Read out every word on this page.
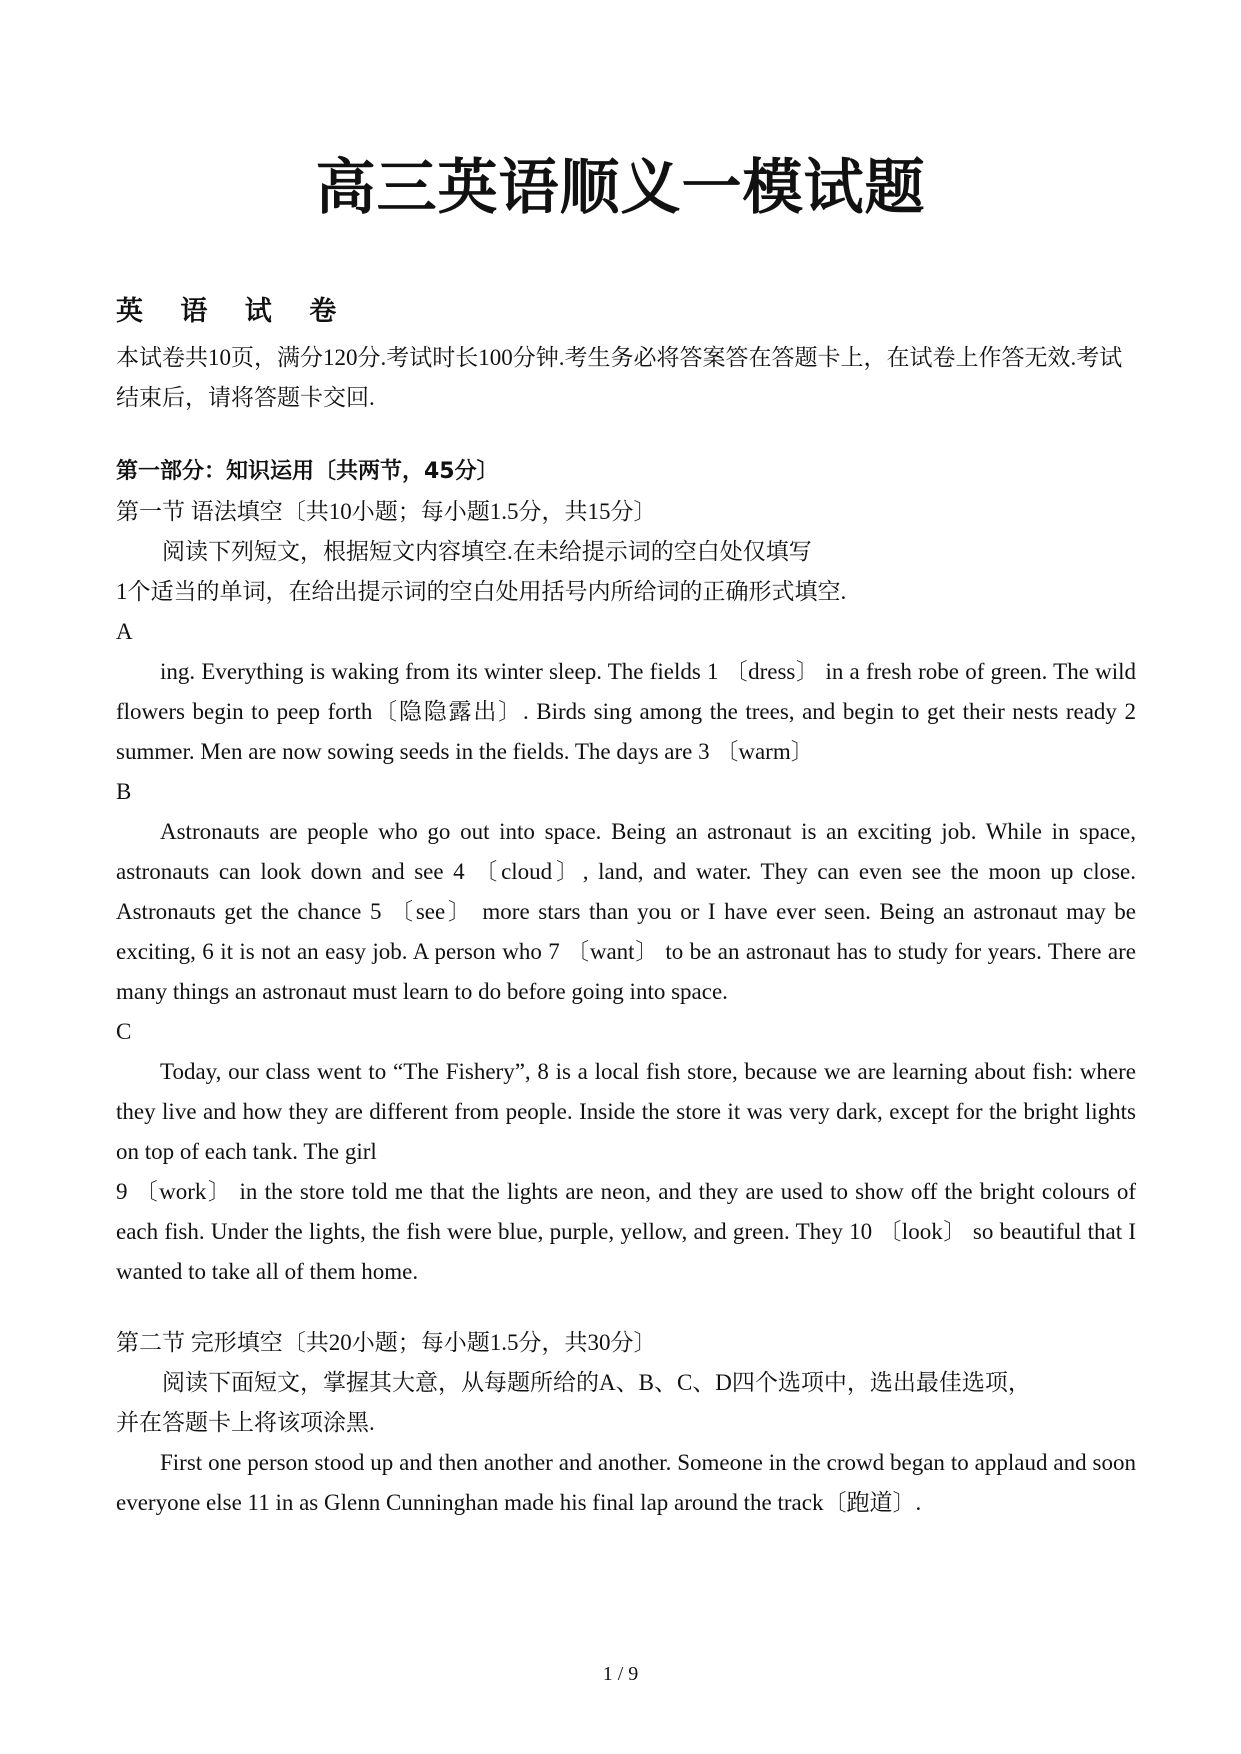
高三英语顺义一模试题
英 语 试 卷

本试卷共10页，满分120分.考试时长100分钟.考生务必将答案答在答题卡上，在试卷上作答无效.考试结束后，请将答题卡交回.

第一部分：知识运用〔共两节，45分〕

第一节 语法填空〔共10小题；每小题1.5分，共15分〕

阅读下列短文，根据短文内容填空.在未给提示词的空白处仅填写

1个适当的单词，在给出提示词的空白处用括号内所给词的正确形式填空.

A

ing. Everything is waking from its winter sleep. The fields 1 〔dress〕 in a fresh robe of green. The wild flowers begin to peep forth〔隐隐露出〕. Birds sing among the trees, and begin to get their nests ready 2 summer. Men are now sowing seeds in the fields. The days are 3 〔warm〕

B

Astronauts are people who go out into space. Being an astronaut is an exciting job. While in space, astronauts can look down and see 4 〔cloud〕, land, and water. They can even see the moon up close. Astronauts get the chance 5 〔see〕 more stars than you or I have ever seen. Being an astronaut may be exciting, 6 it is not an easy job. A person who 7 〔want〕 to be an astronaut has to study for years. There are many things an astronaut must learn to do before going into space.

C

Today, our class went to “The Fishery”, 8 is a local fish store, because we are learning about fish: where they live and how they are different from people. Inside the store it was very dark, except for the bright lights on top of each tank. The girl

9 〔work〕 in the store told me that the lights are neon, and they are used to show off the bright colours of each fish. Under the lights, the fish were blue, purple, yellow, and green. They 10 〔look〕 so beautiful that I wanted to take all of them home.

第二节 完形填空〔共20小题；每小题1.5分，共30分〕

阅读下面短文，掌握其大意，从每题所给的A、B、C、D四个选项中，选出最佳选项，

并在答题卡上将该项涂黑.

First one person stood up and then another and another. Someone in the crowd began to applaud and soon everyone else 11 in as Glenn Cunninghan made his final lap around the track〔跑道〕.

1 / 9
